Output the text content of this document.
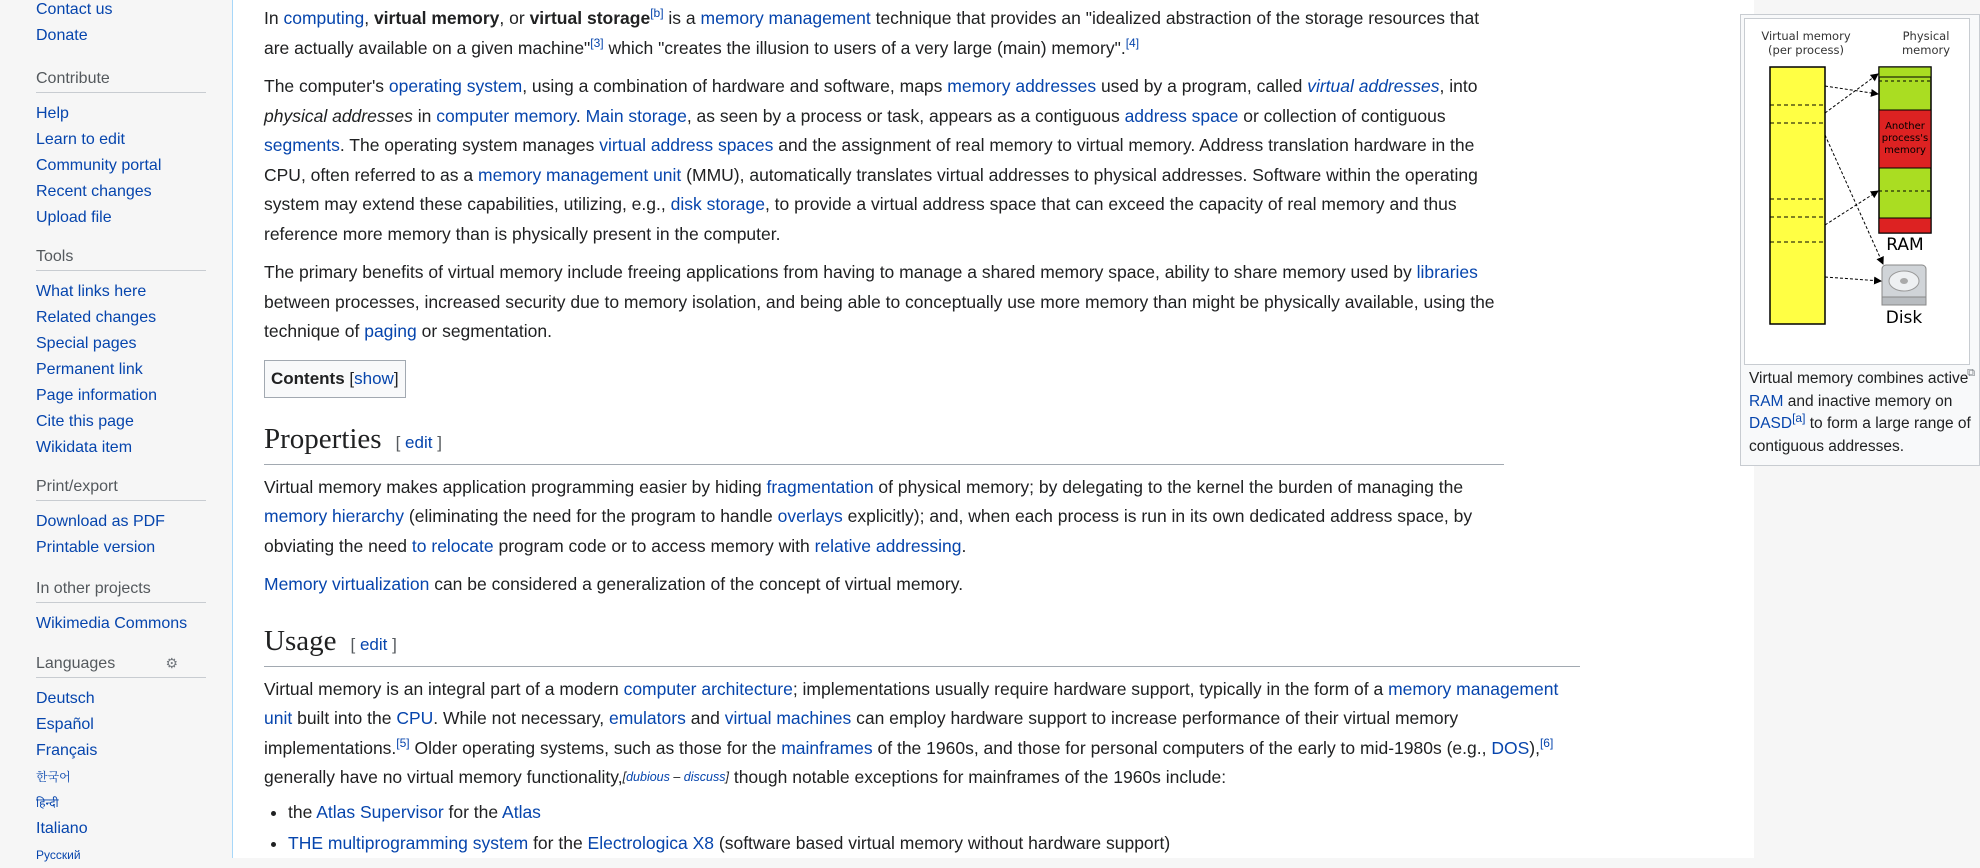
Contact us
Donate
Contribute
Help
Learn to edit
Community portal
Recent changes
Upload file
Tools
What links here
Related changes
Special pages
Permanent link
Page information
Cite this page
Wikidata item
Print/export
Download as PDF
Printable version
In other projects
Wikimedia Commons
Languages	⚙
Deutsch
Español
Français
한국어
हिन्दी
Italiano
Русский
Virtual memory
(per process)
Physical
memory
Another
process's
memory
RAM
Disk
⧉
Virtual memory combines active RAM and inactive memory on DASD[a] to form a large range of contiguous addresses.

In computing, virtual memory, or virtual storage[b] is a memory management technique that provides an "idealized abstraction of the storage resources that are actually available on a given machine"[3] which "creates the illusion to users of a very large (main) memory".[4]

The computer's operating system, using a combination of hardware and software, maps memory addresses used by a program, called virtual addresses, into physical addresses in computer memory. Main storage, as seen by a process or task, appears as a contiguous address space or collection of contiguous segments. The operating system manages virtual address spaces and the assignment of real memory to virtual memory. Address translation hardware in the CPU, often referred to as a memory management unit (MMU), automatically translates virtual addresses to physical addresses. Software within the operating system may extend these capabilities, utilizing, e.g., disk storage, to provide a virtual address space that can exceed the capacity of real memory and thus reference more memory than is physically present in the computer.

The primary benefits of virtual memory include freeing applications from having to manage a shared memory space, ability to share memory used by libraries between processes, increased security due to memory isolation, and being able to conceptually use more memory than might be physically available, using the technique of paging or segmentation.

Contents [show]
Properties [ edit ]

Virtual memory makes application programming easier by hiding fragmentation of physical memory; by delegating to the kernel the burden of managing the memory hierarchy (eliminating the need for the program to handle overlays explicitly); and, when each process is run in its own dedicated address space, by obviating the need to relocate program code or to access memory with relative addressing.

Memory virtualization can be considered a generalization of the concept of virtual memory.

Usage [ edit ]

Virtual memory is an integral part of a modern computer architecture; implementations usually require hardware support, typically in the form of a memory management unit built into the CPU. While not necessary, emulators and virtual machines can employ hardware support to increase performance of their virtual memory implementations.[5] Older operating systems, such as those for the mainframes of the 1960s, and those for personal computers of the early to mid-1980s (e.g., DOS),[6] generally have no virtual memory functionality,[dubious – discuss] though notable exceptions for mainframes of the 1960s include:

• the Atlas Supervisor for the Atlas
• THE multiprogramming system for the Electrologica X8 (software based virtual memory without hardware support)
